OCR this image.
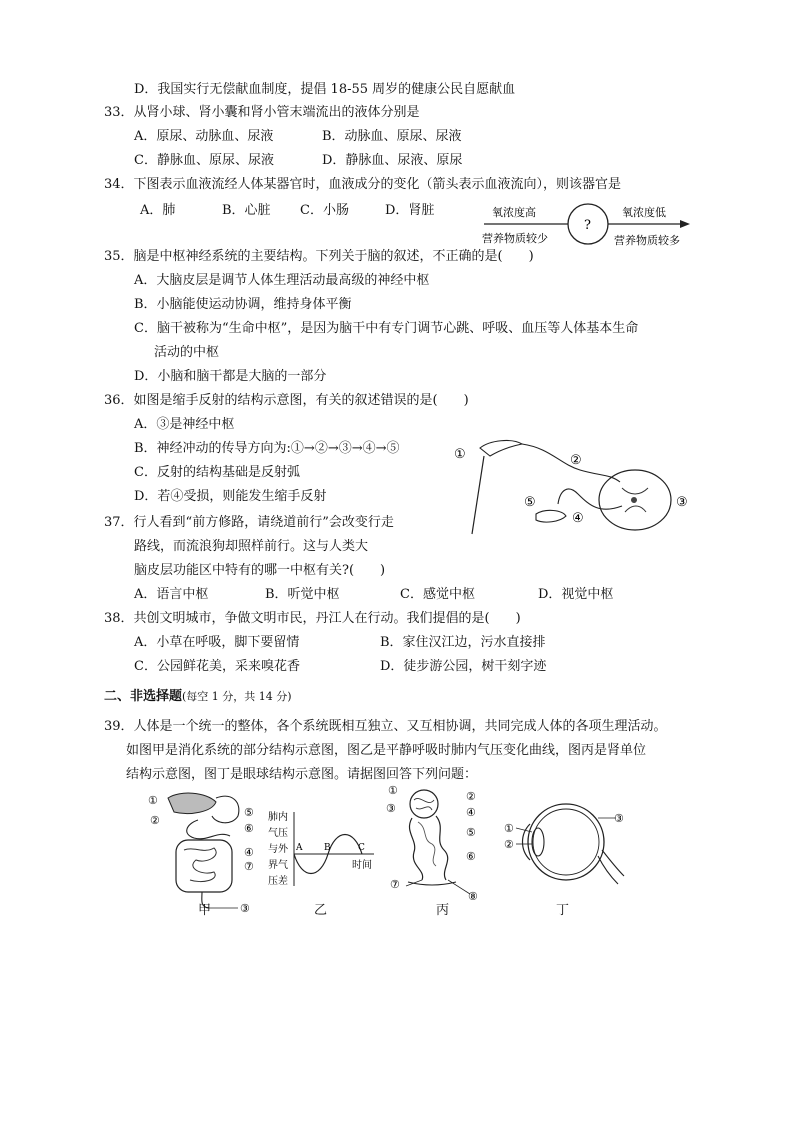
D．我国实行无偿献血制度，提倡 18-55 周岁的健康公民自愿献血
33．从肾小球、肾小囊和肾小管末端流出的液体分别是
A．原尿、动脉血、尿液	B．动脉血、原尿、尿液
C．静脉血、原尿、尿液	D．静脉血、尿液、原尿
34．下图表示血液流经人体某器官时，血液成分的变化（箭头表示血液流向），则该器官是
A．肺	B．心脏 C．小肠	D．肾脏	氧浓度高
营养物质较少
?
氧浓度低
营养物质较多
35．脑是中枢神经系统的主要结构。下列关于脑的叙述，不正确的是(　　)
A．大脑皮层是调节人体生理活动最高级的神经中枢
B．小脑能使运动协调，维持身体平衡
C．脑干被称为“生命中枢”，是因为脑干中有专门调节心跳、呼吸、血压等人体基本生命
活动的中枢
D．小脑和脑干都是大脑的一部分
36．如图是缩手反射的结构示意图，有关的叙述错误的是(　　)
A．③是神经中枢
B．神经冲动的传导方向为:①→②→③→④→⑤
C．反射的结构基础是反射弧
D．若④受损，则能发生缩手反射
①	②
③
④
⑤
37．行人看到“前方修路，请绕道前行”会改变行走
路线，而流浪狗却照样前行。这与人类大
脑皮层功能区中特有的哪一中枢有关?(　　)
A．语言中枢	B．听觉中枢	C．感觉中枢	D．视觉中枢
38．共创文明城市，争做文明市民，丹江人在行动。我们提倡的是(　　)
A．小草在呼吸，脚下要留情	B．家住汉江边，污水直接排
C．公园鲜花美，采来嗅花香	D．徒步游公园，树干刻字迹
二、非选择题(每空 1 分，共 14 分)
39．人体是一个统一的整体，各个系统既相互独立、又互相协调，共同完成人体的各项生理活动。
如图甲是消化系统的部分结构示意图，图乙是平静呼吸时肺内气压变化曲线，图丙是肾单位
结构示意图，图丁是眼球结构示意图。请据图回答下列问题：
①
②
③
④
⑤
⑥
⑦
甲
肺内
气压
与外
界气
压差
A B	C
时间
乙
①	②
③	④
⑤
⑥
⑦
⑧
丙
①
②
③
丁
